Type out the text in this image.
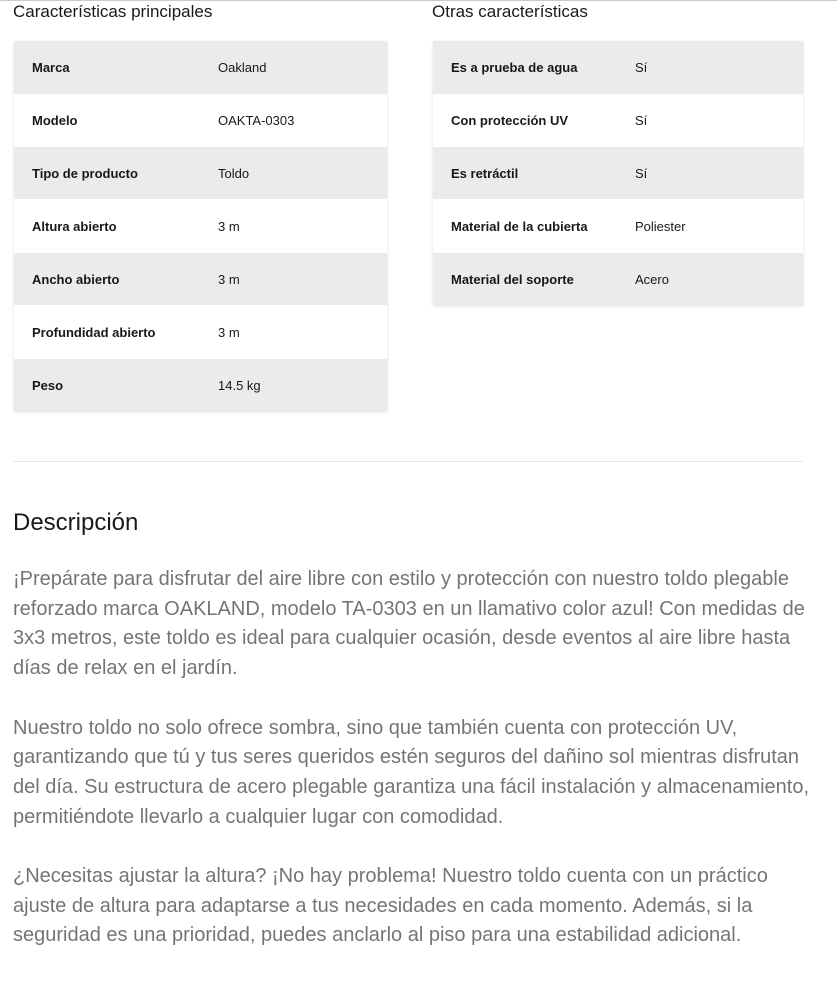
Características principales	Otras características
Marca	Oakland
Modelo	OAKTA-0303
Tipo de producto	Toldo
Altura abierto	3 m
Ancho abierto	3 m
Profundidad abierto	3 m
Peso	14.5 kg
Es a prueba de agua	Sí
Con protección UV	Sí
Es retráctil	Sí
Material de la cubierta	Poliester
Material del soporte	Acero
Descripción

¡Prepárate para disfrutar del aire libre con estilo y protección con nuestro toldo plegable reforzado marca OAKLAND, modelo TA-0303 en un llamativo color azul! Con medidas de 3x3 metros, este toldo es ideal para cualquier ocasión, desde eventos al aire libre hasta días de relax en el jardín.

Nuestro toldo no solo ofrece sombra, sino que también cuenta con protección UV, garantizando que tú y tus seres queridos estén seguros del dañino sol mientras disfrutan del día. Su estructura de acero plegable garantiza una fácil instalación y almacenamiento, permitiéndote llevarlo a cualquier lugar con comodidad.

¿Necesitas ajustar la altura? ¡No hay problema! Nuestro toldo cuenta con un práctico ajuste de altura para adaptarse a tus necesidades en cada momento. Además, si la seguridad es una prioridad, puedes anclarlo al piso para una estabilidad adicional.
